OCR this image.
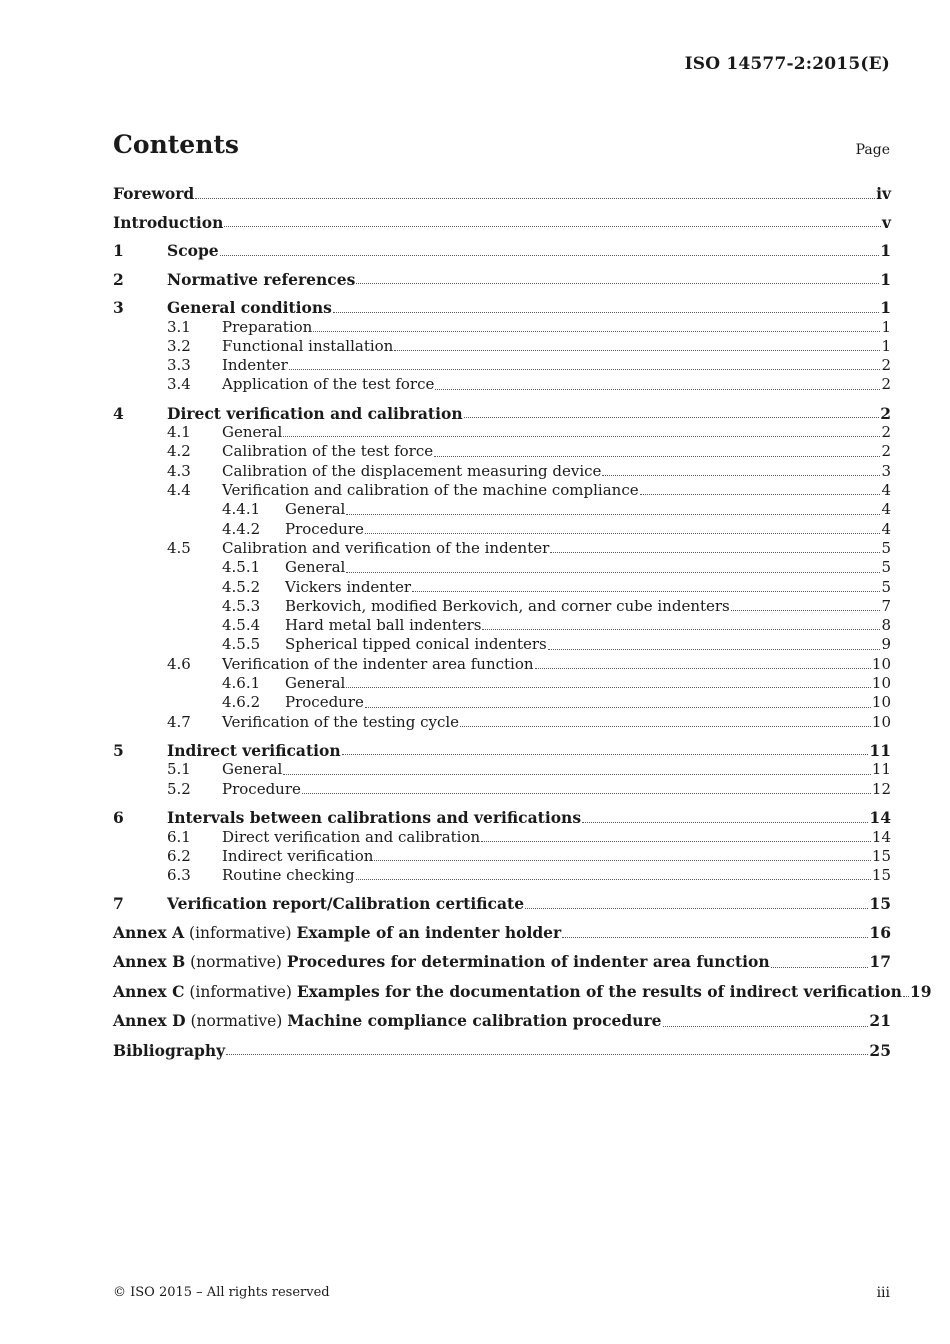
ISO 14577-2:2015(E)
Contents	Page
Foreword	iv
Introduction	v
1	Scope	1
2	Normative references	1
3	General conditions	1
3.1	Preparation	1
3.2	Functional installation	1
3.3	Indenter	2
3.4	Application of the test force	2
4	Direct verification and calibration	2
4.1	General	2
4.2	Calibration of the test force	2
4.3	Calibration of the displacement measuring device	3
4.4	Verification and calibration of the machine compliance	4
4.4.1	General	4
4.4.2	Procedure	4
4.5	Calibration and verification of the indenter	5
4.5.1	General	5
4.5.2	Vickers indenter	5
4.5.3	Berkovich, modified Berkovich, and corner cube indenters	7
4.5.4	Hard metal ball indenters	8
4.5.5	Spherical tipped conical indenters	9
4.6	Verification of the indenter area function	10
4.6.1	General	10
4.6.2	Procedure	10
4.7	Verification of the testing cycle	10
5	Indirect verification	11
5.1	General	11
5.2	Procedure	12
6	Intervals between calibrations and verifications	14
6.1	Direct verification and calibration	14
6.2	Indirect verification	15
6.3	Routine checking	15
7	Verification report/Calibration certificate	15
Annex A (informative) Example of an indenter holder	16
Annex B (normative) Procedures for determination of indenter area function	17
Annex C (informative) Examples for the documentation of the results of indirect verification 19
Annex D (normative) Machine compliance calibration procedure	21
Bibliography	25
© ISO 2015 – All rights reserved	iii
